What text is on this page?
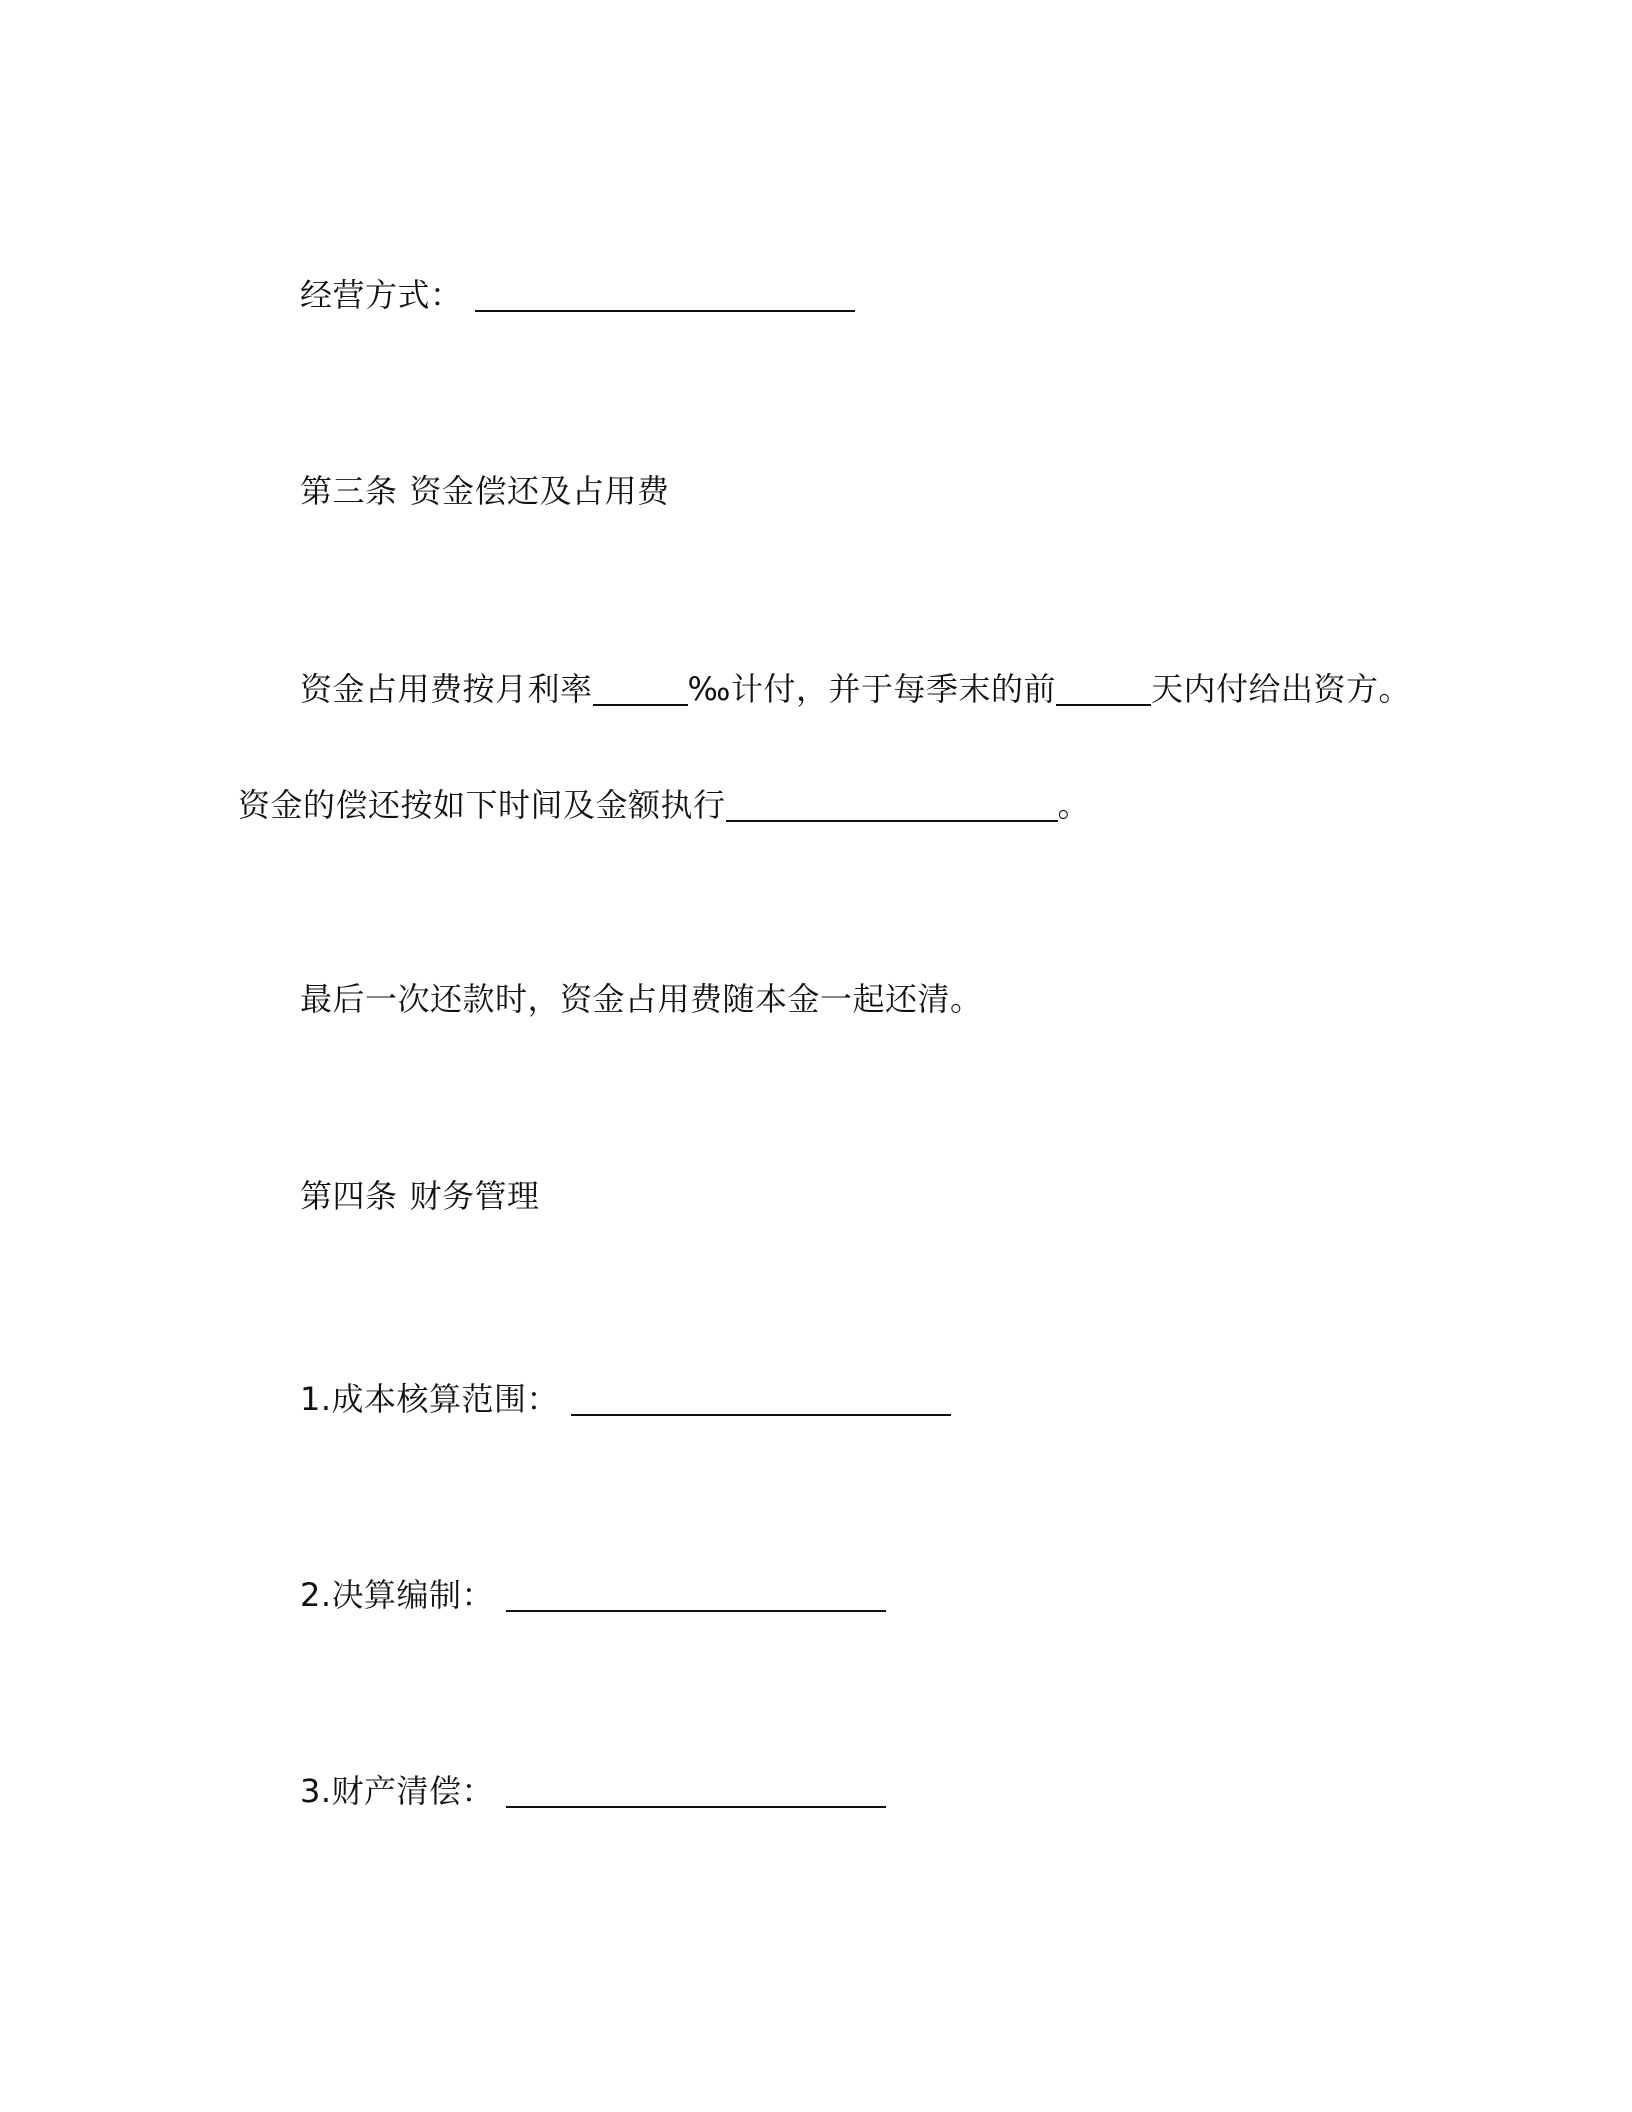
经营方式：
第三条 资金偿还及占用费
资金占用费按月利率	‰计付，并于每季末的前	天内付给出资方。
资金的偿还按如下时间及金额执行	。
最后一次还款时，资金占用费随本金一起还清。
第四条 财务管理
1.成本核算范围：
2.决算编制：
3.财产清偿：
